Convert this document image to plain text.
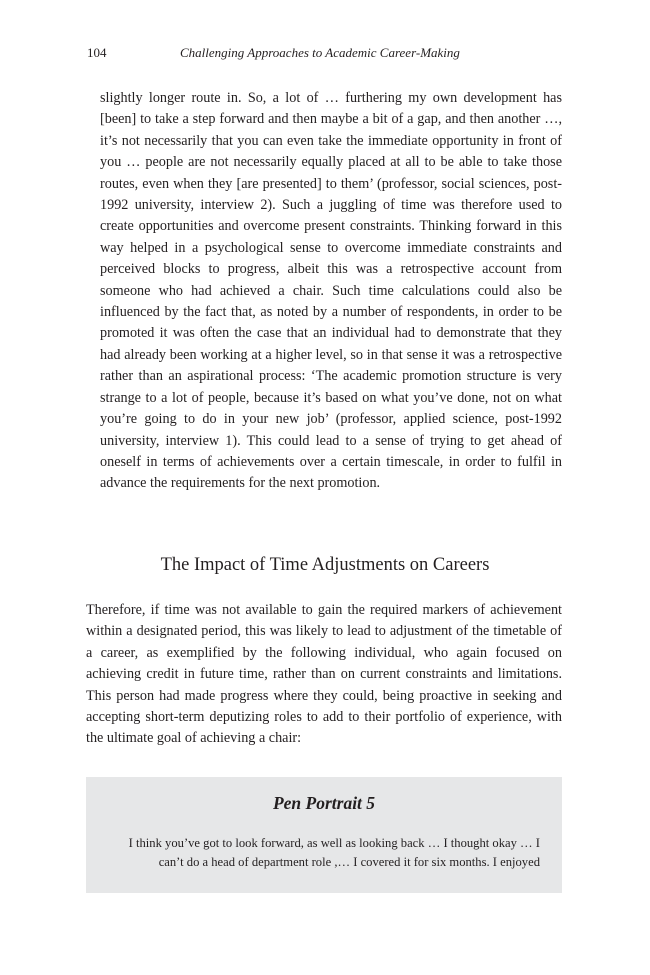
104	Challenging Approaches to Academic Career-Making
slightly longer route in. So, a lot of … furthering my own development has [been] to take a step forward and then maybe a bit of a gap, and then another …, it’s not necessarily that you can even take the immediate opportunity in front of you … people are not necessarily equally placed at all to be able to take those routes, even when they [are presented] to them’ (professor, social sciences, post-1992 university, interview 2). Such a juggling of time was therefore used to create opportunities and overcome present constraints. Thinking forward in this way helped in a psychological sense to overcome immediate constraints and perceived blocks to progress, albeit this was a retrospective account from someone who had achieved a chair. Such time calculations could also be influenced by the fact that, as noted by a number of respondents, in order to be promoted it was often the case that an individual had to demonstrate that they had already been working at a higher level, so in that sense it was a retrospective rather than an aspirational process: ‘The academic promotion structure is very strange to a lot of people, because it’s based on what you’ve done, not on what you’re going to do in your new job’ (professor, applied science, post-1992 university, interview 1). This could lead to a sense of trying to get ahead of oneself in terms of achievements over a certain timescale, in order to fulfil in advance the requirements for the next promotion.
The Impact of Time Adjustments on Careers

Therefore, if time was not available to gain the required markers of achievement within a designated period, this was likely to lead to adjustment of the timetable of a career, as exemplified by the following individual, who again focused on achieving credit in future time, rather than on current constraints and limitations. This person had made progress where they could, being proactive in seeking and accepting short-term deputizing roles to add to their portfolio of experience, with the ultimate goal of achieving a chair:

Pen Portrait 5

I think you’ve got to look forward, as well as looking back … I thought okay … I can’t do a head of department role ,… I covered it for six months. I enjoyed
